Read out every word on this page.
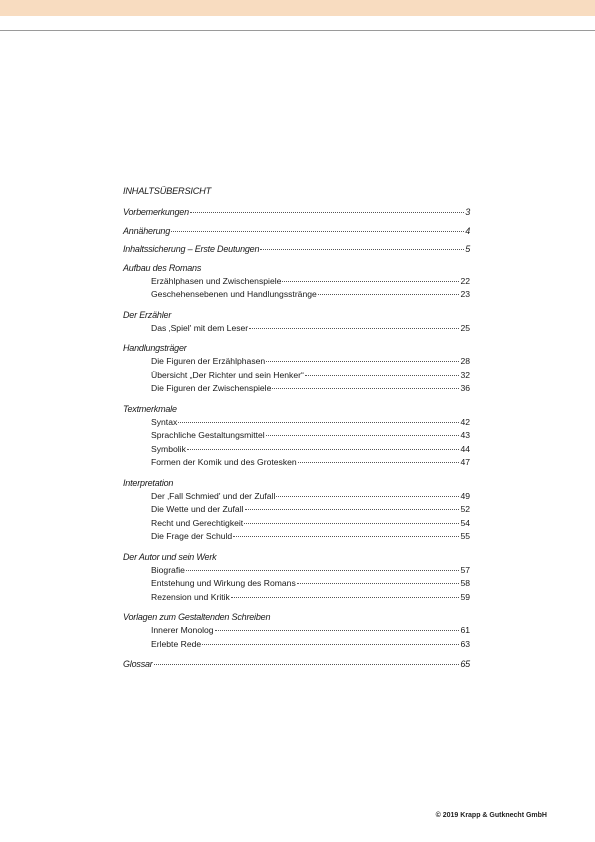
INHALTSÜBERSICHT
Vorbemerkungen	3
Annäherung	4
Inhaltssicherung – Erste Deutungen	5
Aufbau des Romans
Erzählphasen und Zwischenspiele	22
Geschehensebenen und Handlungsstränge	23
Der Erzähler
Das ‚Spiel' mit dem Leser	25
Handlungsträger
Die Figuren der Erzählphasen	28
Übersicht „Der Richter und sein Henker“	32
Die Figuren der Zwischenspiele	36
Textmerkmale
Syntax	42
Sprachliche Gestaltungsmittel	43
Symbolik	44
Formen der Komik und des Grotesken	47
Interpretation
Der ‚Fall Schmied' und der Zufall	49
Die Wette und der Zufall	52
Recht und Gerechtigkeit	54
Die Frage der Schuld	55
Der Autor und sein Werk
Biografie	57
Entstehung und Wirkung des Romans	58
Rezension und Kritik	59
Vorlagen zum Gestaltenden Schreiben
Innerer Monolog	61
Erlebte Rede	63
Glossar	65
© 2019 Krapp & Gutknecht GmbH
